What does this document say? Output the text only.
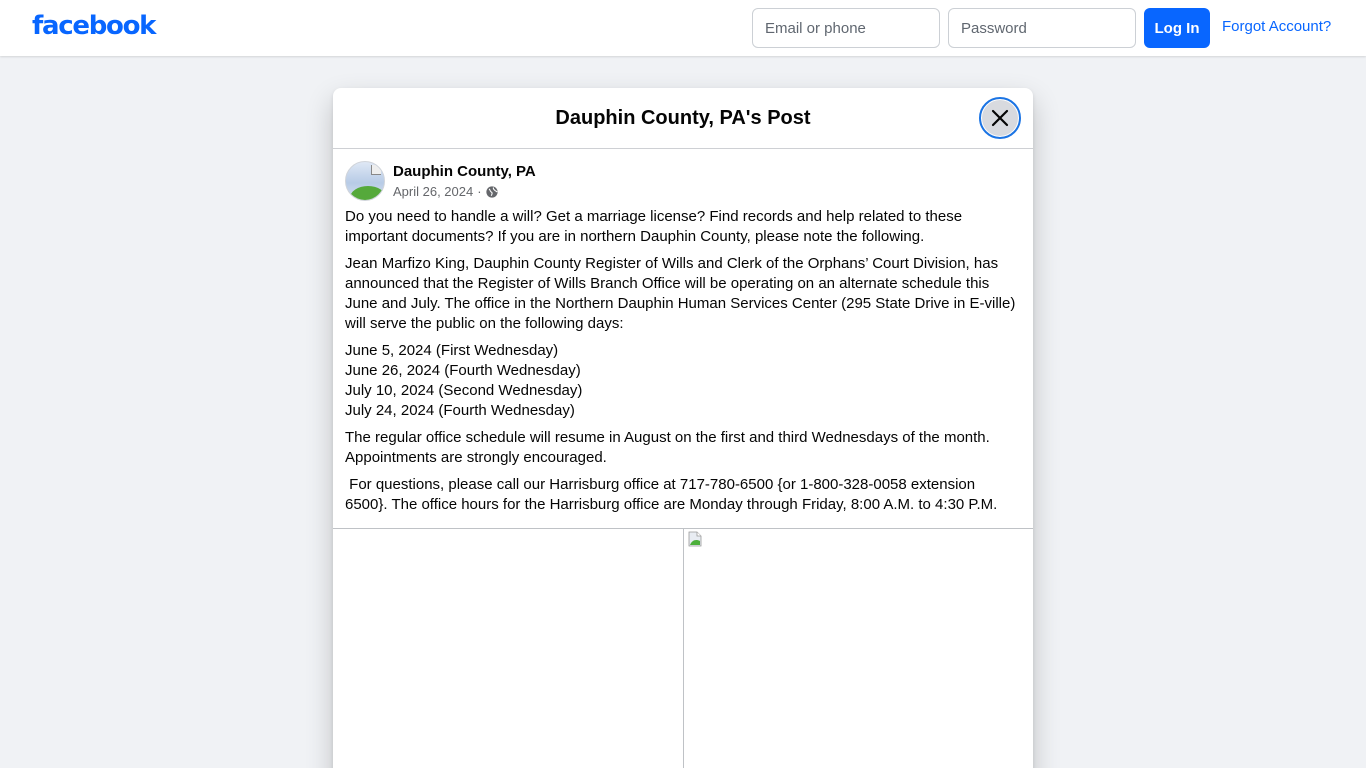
facebook
Email or phone	Log In	Forgot Account?
Dauphin County, PA's Post
Dauphin County, PA
April 26, 2024 ·

Do you need to handle a will? Get a marriage license? Find records and help related to these important documents? If you are in northern Dauphin County, please note the following.

Jean Marfizo King, Dauphin County Register of Wills and Clerk of the Orphans’ Court Division, has announced that the Register of Wills Branch Office will be operating on an alternate schedule this June and July. The office in the Northern Dauphin Human Services Center (295 State Drive in E-ville) will serve the public on the following days:

June 5, 2024 (First Wednesday)
June 26, 2024 (Fourth Wednesday)
July 10, 2024 (Second Wednesday)
July 24, 2024 (Fourth Wednesday)

The regular office schedule will resume in August on the first and third Wednesdays of the month. Appointments are strongly encouraged.

For questions, please call our Harrisburg office at 717-780-6500 {or 1-800-328-0058 extension 6500}. The office hours for the Harrisburg office are Monday through Friday, 8:00 A.M. to 4:30 P.M.
